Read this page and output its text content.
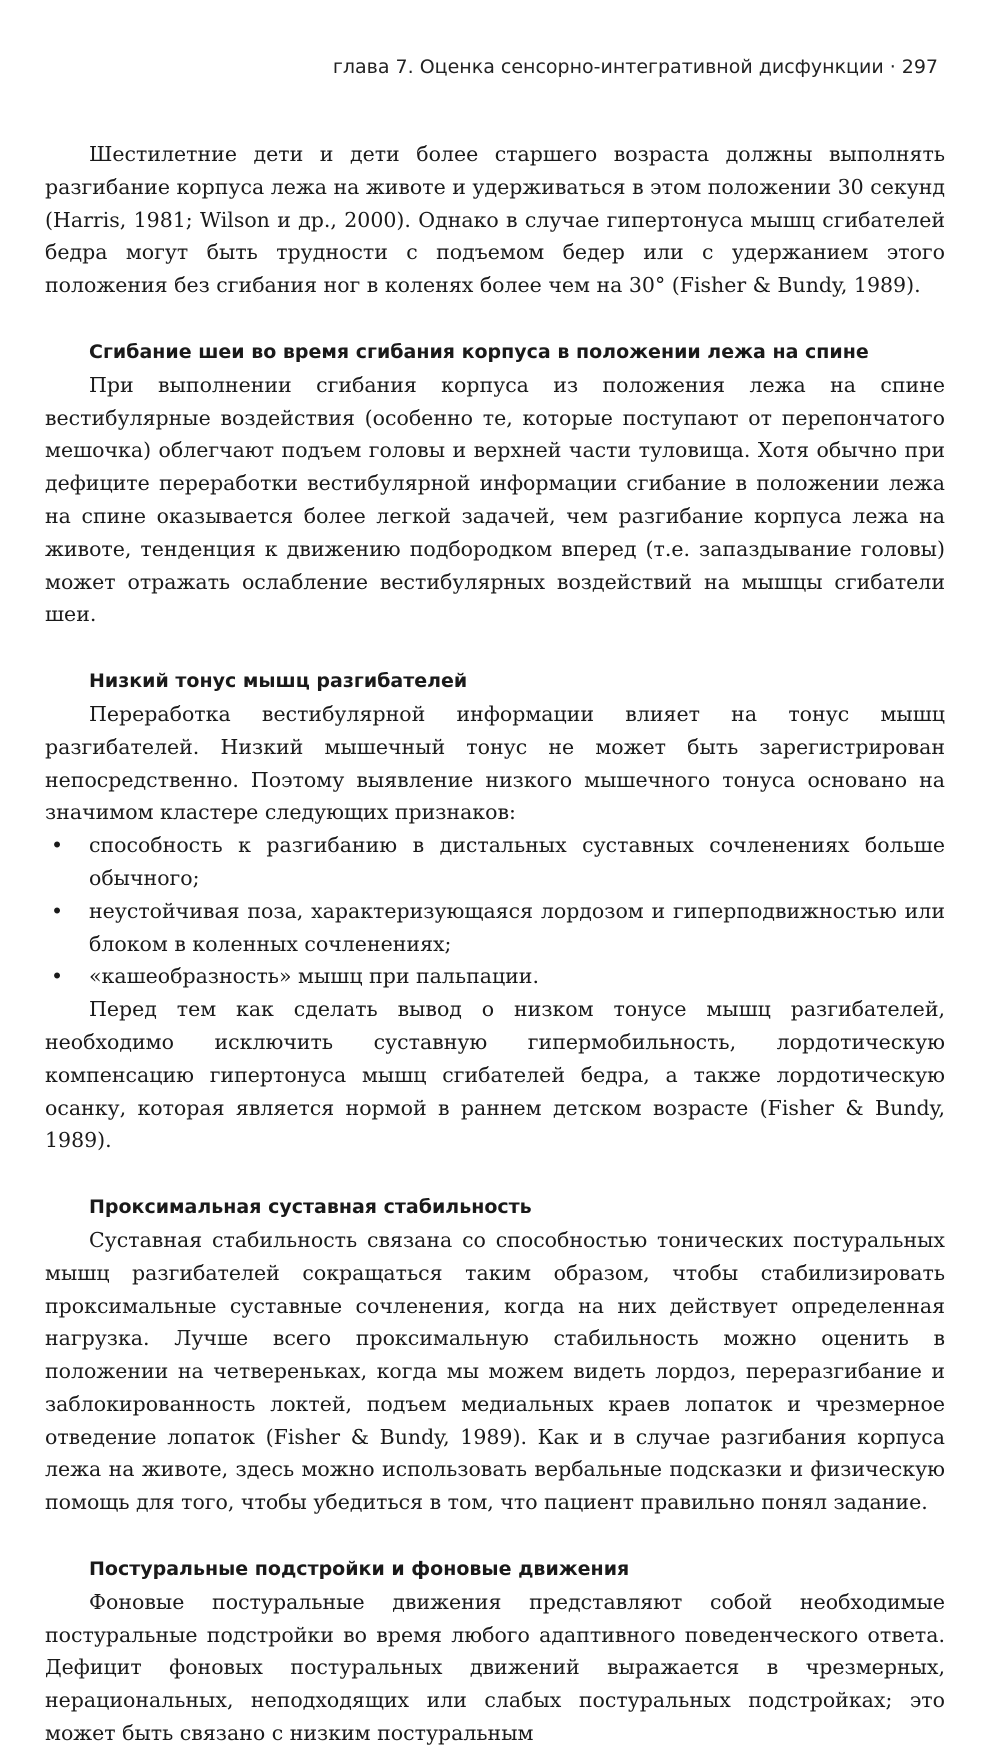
глава 7. Оценка сенсорно-интегративной дисфункции · 297

Шестилетние дети и дети более старшего возраста должны выполнять разгибание корпуса лежа на животе и удерживаться в этом положении 30 секунд (Harris, 1981; Wilson и др., 2000). Однако в случае гипертонуса мышц сгибателей бедра могут быть трудности с подъемом бедер или с удержанием этого положения без сгибания ног в коленях более чем на 30° (Fisher & Bundy, 1989).

Сгибание шеи во время сгибания корпуса в положении лежа на спине

При выполнении сгибания корпуса из положения лежа на спине вестибулярные воздействия (особенно те, которые поступают от перепончатого мешочка) облегчают подъем головы и верхней части туловища. Хотя обычно при дефиците переработки вестибулярной информации сгибание в положении лежа на спине оказывается более легкой задачей, чем разгибание корпуса лежа на животе, тенденция к движению подбородком вперед (т.е. запаздывание головы) может отражать ослабление вестибулярных воздействий на мышцы сгибатели шеи.

Низкий тонус мышц разгибателей

Переработка вестибулярной информации влияет на тонус мышц разгибателей. Низкий мышечный тонус не может быть зарегистрирован непосредственно. Поэтому выявление низкого мышечного тонуса основано на значимом кластере следующих признаков:

• способность к разгибанию в дистальных суставных сочленениях больше обычного;
• неустойчивая поза, характеризующаяся лордозом и гиперподвижностью или блоком в коленных сочленениях;
• «кашеобразность» мышц при пальпации.

Перед тем как сделать вывод о низком тонусе мышц разгибателей, необходимо исключить суставную гипермобильность, лордотическую компенсацию гипертонуса мышц сгибателей бедра, а также лордотическую осанку, которая является нормой в раннем детском возрасте (Fisher & Bundy, 1989).

Проксимальная суставная стабильность

Суставная стабильность связана со способностью тонических постуральных мышц разгибателей сокращаться таким образом, чтобы стабилизировать проксимальные суставные сочленения, когда на них действует определенная нагрузка. Лучше всего проксимальную стабильность можно оценить в положении на четвереньках, когда мы можем видеть лордоз, переразгибание и заблокированность локтей, подъем медиальных краев лопаток и чрезмерное отведение лопаток (Fisher & Bundy, 1989). Как и в случае разгибания корпуса лежа на животе, здесь можно использовать вербальные подсказки и физическую помощь для того, чтобы убедиться в том, что пациент правильно понял задание.

Постуральные подстройки и фоновые движения

Фоновые постуральные движения представляют собой необходимые постуральные подстройки во время любого адаптивного поведенческого ответа. Дефицит фоновых постуральных движений выражается в чрезмерных, нерациональных, неподходящих или слабых постуральных подстройках; это может быть связано с низким постуральным
